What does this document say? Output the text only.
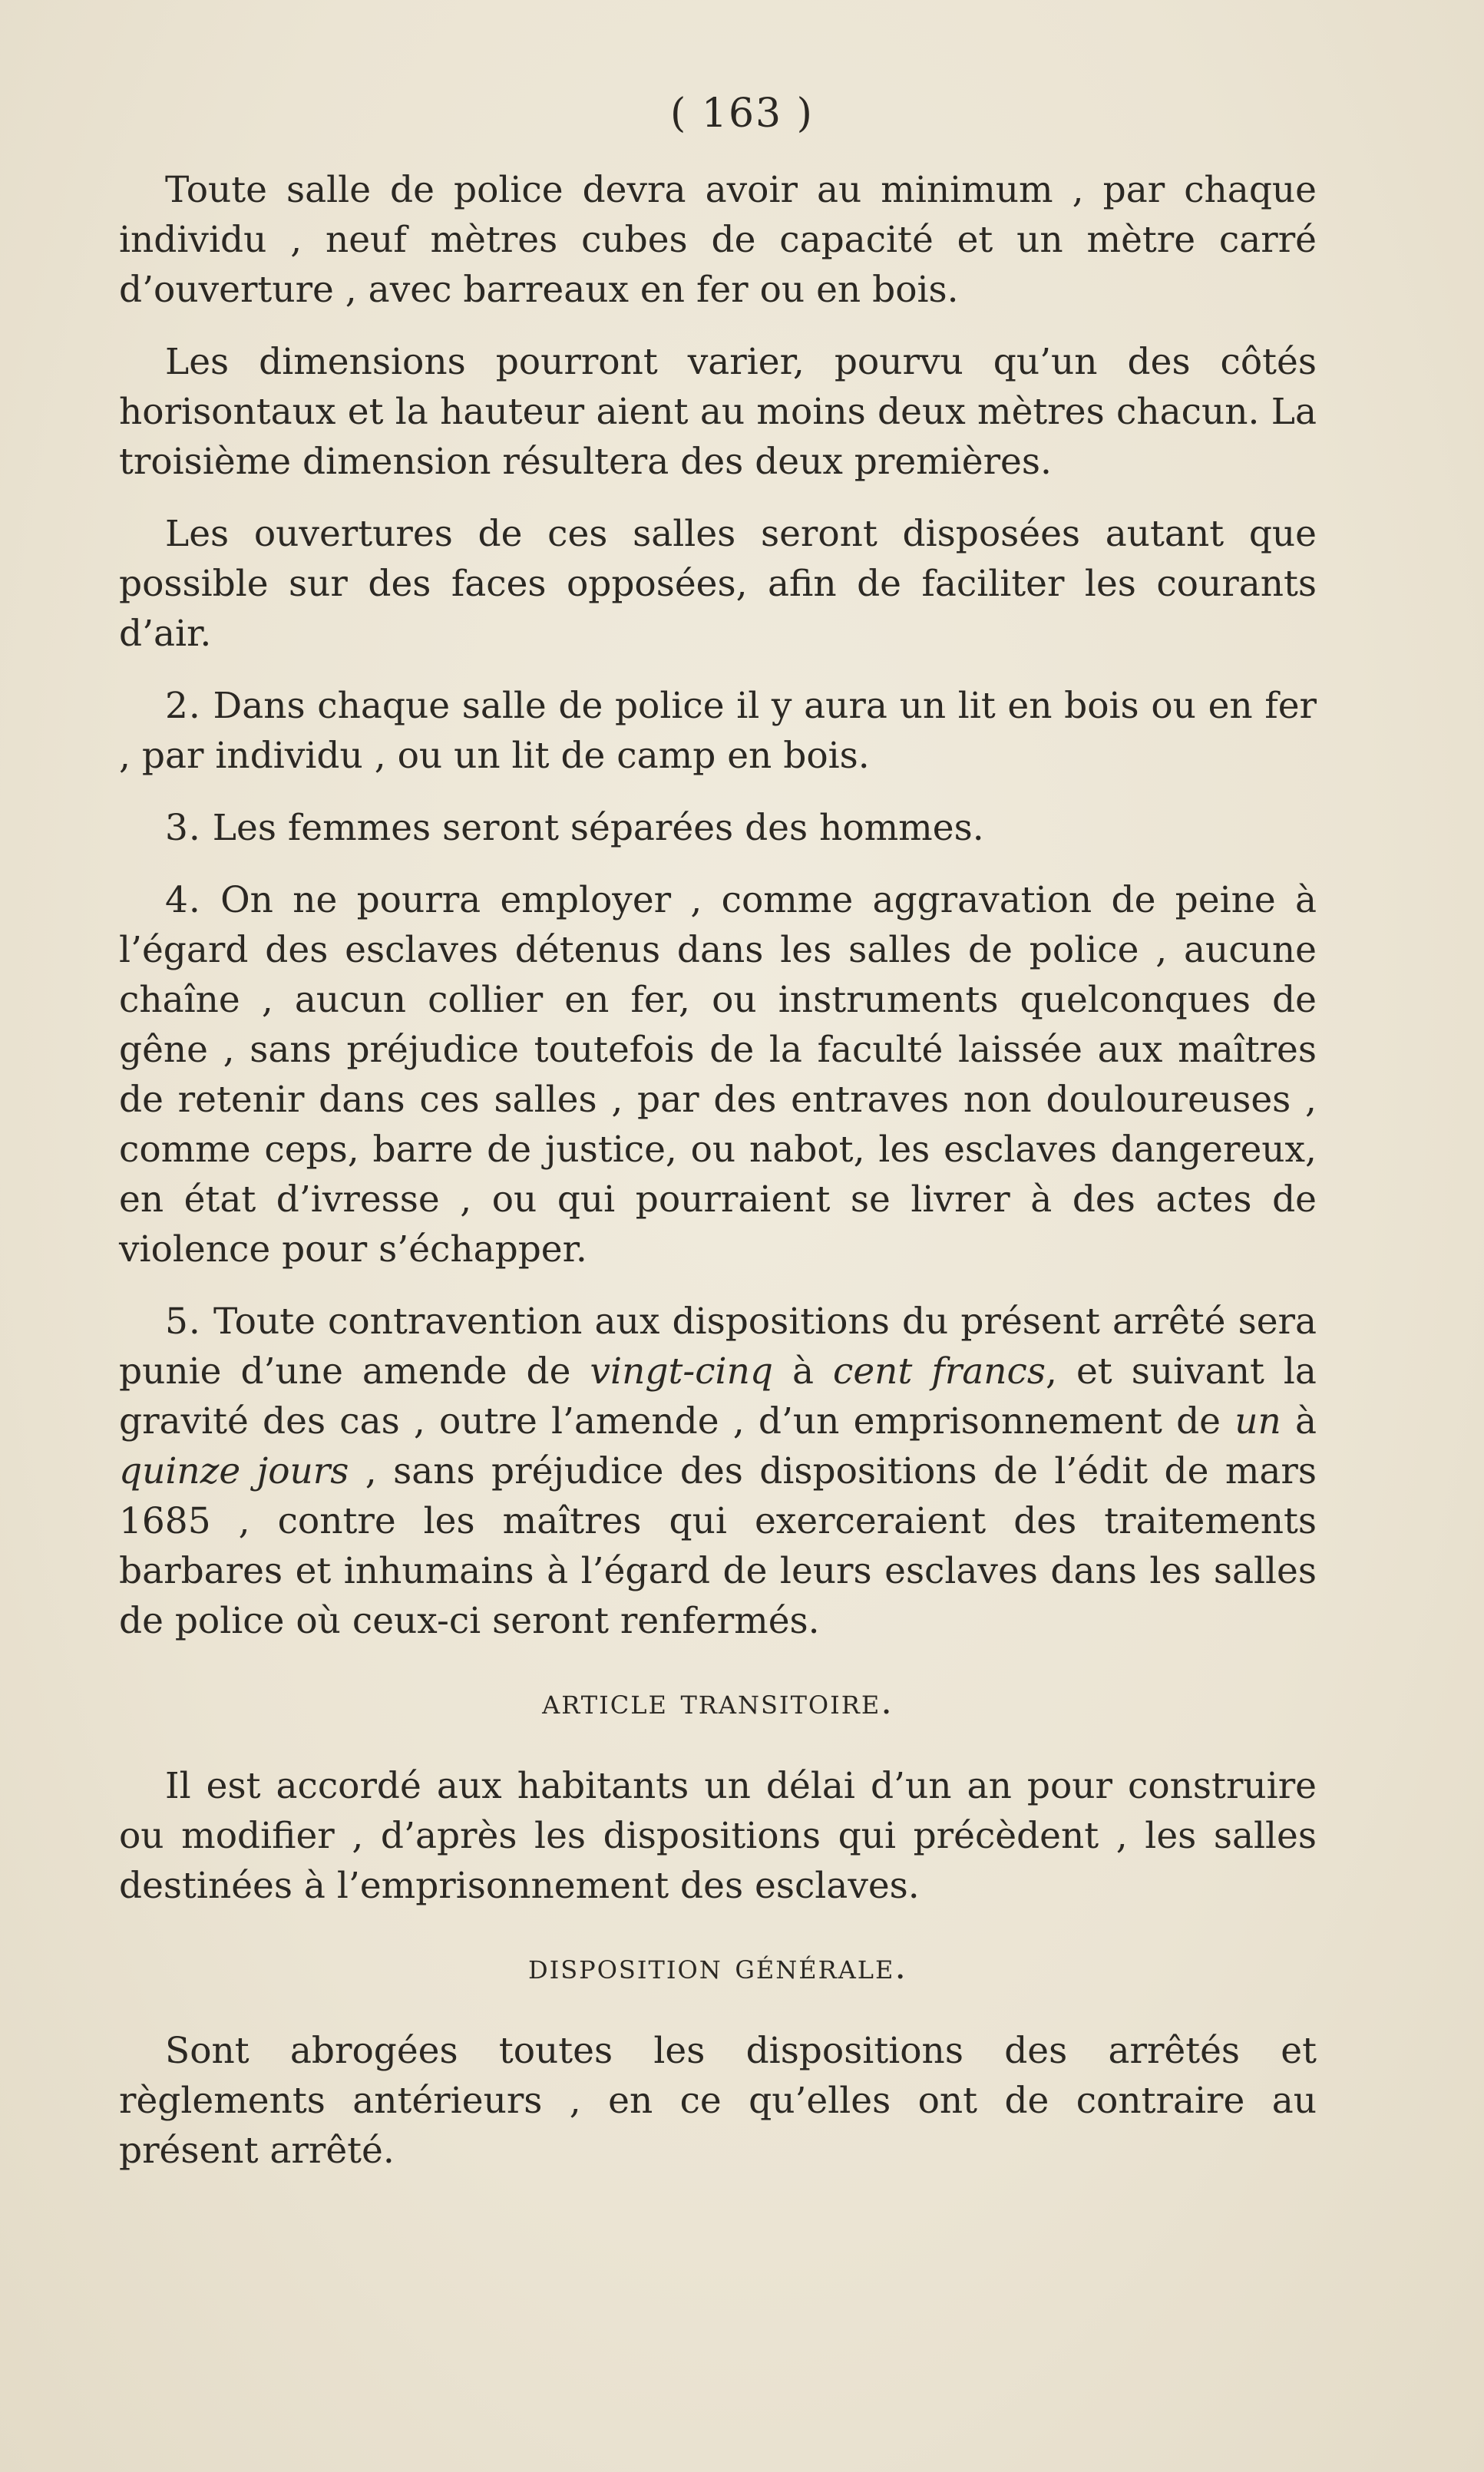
( 163 )

Toute salle de police devra avoir au minimum , par chaque individu , neuf mètres cubes de capacité et un mètre carré d’ouverture , avec barreaux en fer ou en bois.

Les dimensions pourront varier, pourvu qu’un des côtés horisontaux et la hauteur aient au moins deux mètres chacun. La troisième dimension résultera des deux premières.

Les ouvertures de ces salles seront disposées autant que possible sur des faces opposées, afin de faciliter les courants d’air.

2. Dans chaque salle de police il y aura un lit en bois ou en fer , par individu , ou un lit de camp en bois.

3. Les femmes seront séparées des hommes.

4. On ne pourra employer , comme aggravation de peine à l’égard des esclaves détenus dans les salles de police , aucune chaîne , aucun collier en fer, ou instruments quelconques de gêne , sans préjudice toutefois de la faculté laissée aux maîtres de retenir dans ces salles , par des entraves non douloureuses , comme ceps, barre de justice, ou nabot, les esclaves dangereux, en état d’ivresse , ou qui pourraient se livrer à des actes de violence pour s’échapper.

5. Toute contravention aux dispositions du présent arrêté sera punie d’une amende de vingt-cinq à cent francs, et suivant la gravité des cas , outre l’amende , d’un emprisonnement de un à quinze jours , sans préjudice des dispositions de l’édit de mars 1685 , contre les maîtres qui exerceraient des traitements barbares et inhumains à l’égard de leurs esclaves dans les salles de police où ceux-ci seront renfermés.

article transitoire.

Il est accordé aux habitants un délai d’un an pour construire ou modifier , d’après les dispositions qui précèdent , les salles destinées à l’emprisonnement des esclaves.

disposition générale.

Sont abrogées toutes les dispositions des arrêtés et règlements antérieurs , en ce qu’elles ont de contraire au présent arrêté.
